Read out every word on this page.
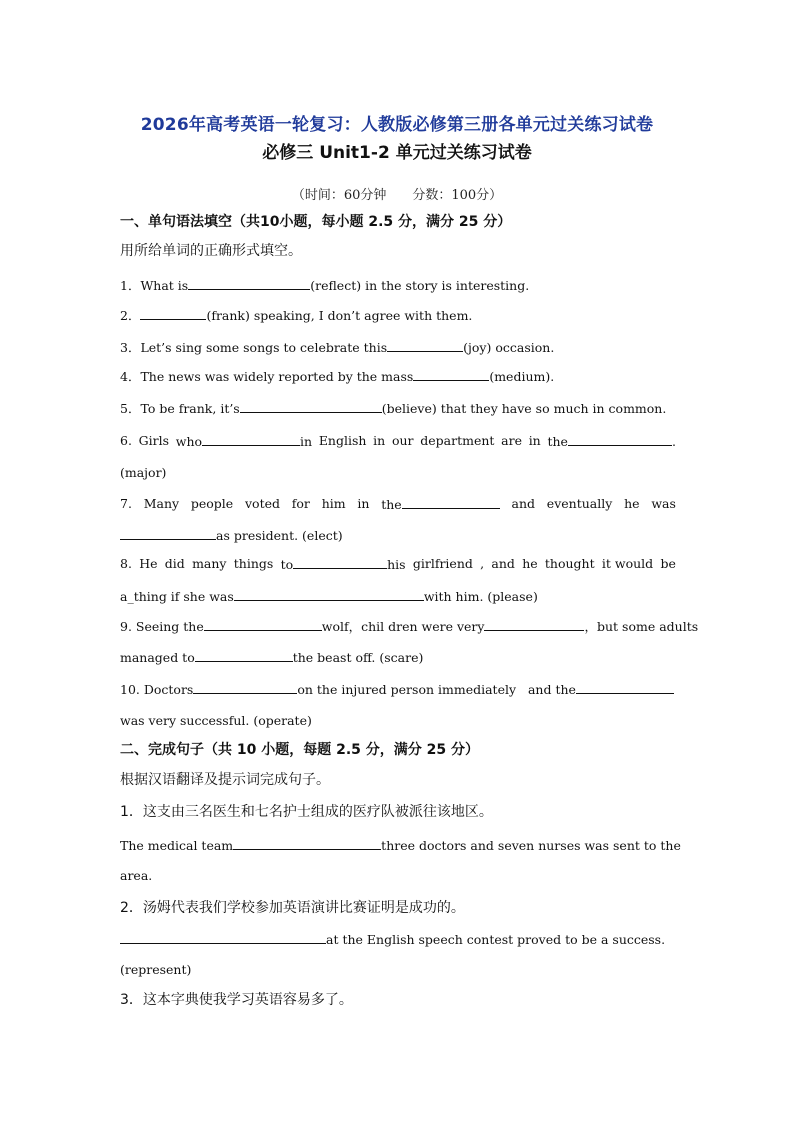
2026年高考英语一轮复习：人教版必修第三册各单元过关练习试卷
必修三 Unit1-2 单元过关练习试卷
（时间：60分钟 分数：100分）
一、单句语法填空（共10小题，每小题 2.5 分，满分 25 分）
用所给单词的正确形式填空。
1．What is	(reflect) in the story is interesting.
2．	(frank) speaking, I don’t agree with them.
3．Let’s sing some songs to celebrate this	(joy) occasion.
4．The news was widely reported by the mass	(medium).
5．To be frank, it’s	(believe) that they have so much in common.
6. Girls who	in English in our department are in the	.
(major)
7. Many people voted for him in the	and eventually he was
as president. (elect)
8. He did many things to	his girlfriend , and he thought it would be
a_thing if she was	with him. (please)
9. Seeing the	wolf，chil dren were very	，but some adults
managed to	the beast off. (scare)
10. Doctors	on the injured person immediately and the
was very successful. (operate)
二、完成句子（共 10 小题，每题 2.5 分，满分 25 分）
根据汉语翻译及提示词完成句子。
1．这支由三名医生和七名护士组成的医疗队被派往该地区。
The medical team	three doctors and seven nurses was sent to the
area.
2．汤姆代表我们学校参加英语演讲比赛证明是成功的。
at the English speech contest proved to be a success.
(represent)
3．这本字典使我学习英语容易多了。
